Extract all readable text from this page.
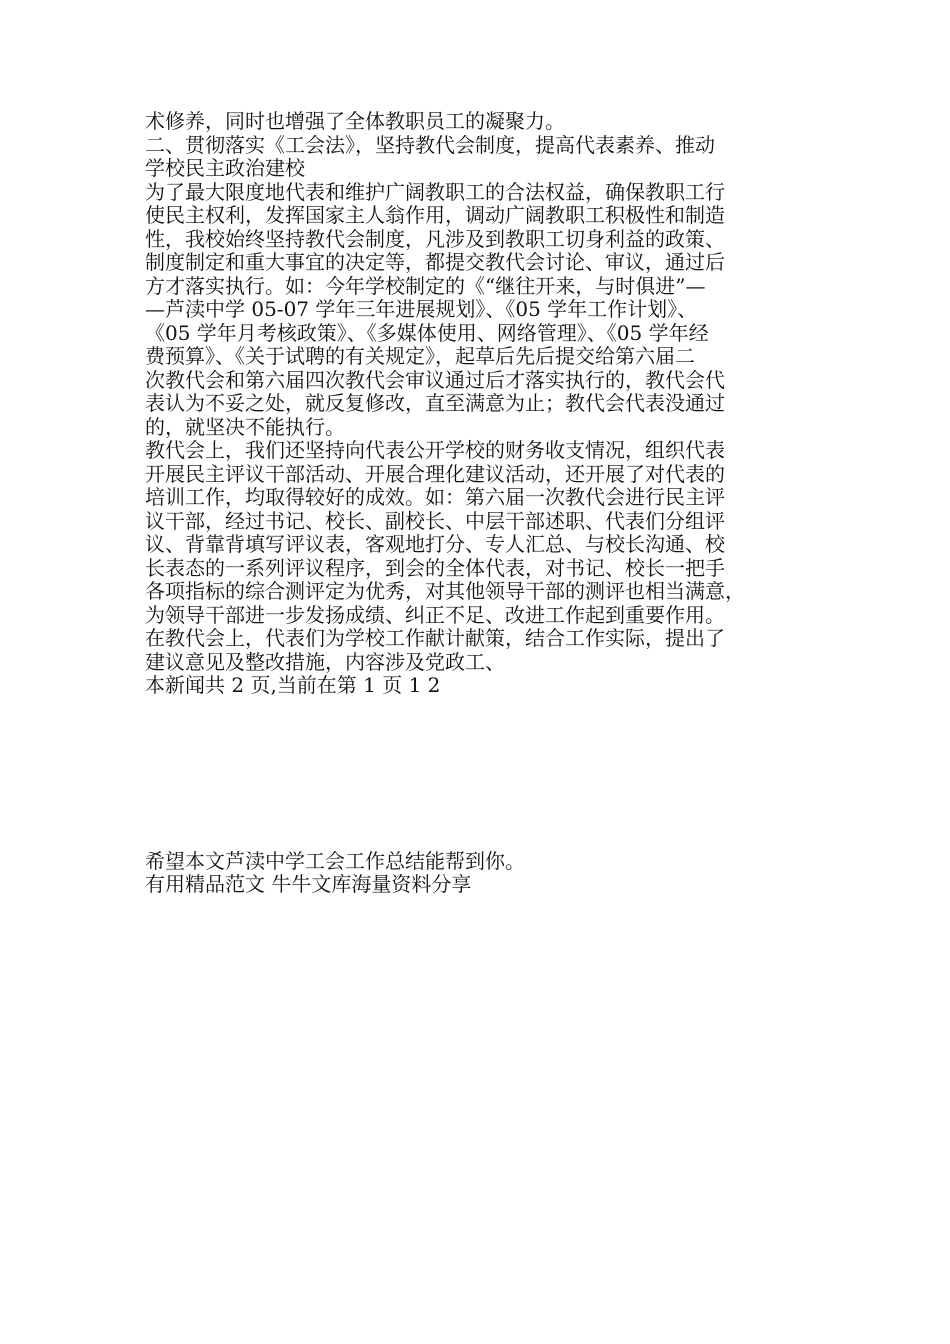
术修养，同时也增强了全体教职员工的凝聚力。
二、贯彻落实《工会法》，坚持教代会制度，提高代表素养、推动
学校民主政治建校
为了最大限度地代表和维护广阔教职工的合法权益，确保教职工行
使民主权利，发挥国家主人翁作用，调动广阔教职工积极性和制造
性，我校始终坚持教代会制度，凡涉及到教职工切身利益的政策、
制度制定和重大事宜的决定等，都提交教代会讨论、审议，通过后
方才落实执行。如：今年学校制定的《“继往开来，与时俱进”—
—芦渎中学 05-07 学年三年进展规划》、《05 学年工作计划》、
《05 学年月考核政策》、《多媒体使用、网络管理》、《05 学年经
费预算》、《关于试聘的有关规定》，起草后先后提交给第六届二
次教代会和第六届四次教代会审议通过后才落实执行的，教代会代
表认为不妥之处，就反复修改，直至满意为止；教代会代表没通过
的，就坚决不能执行。
教代会上，我们还坚持向代表公开学校的财务收支情况，组织代表
开展民主评议干部活动、开展合理化建议活动，还开展了对代表的
培训工作，均取得较好的成效。如：第六届一次教代会进行民主评
议干部，经过书记、校长、副校长、中层干部述职、代表们分组评
议、背靠背填写评议表，客观地打分、专人汇总、与校长沟通、校
长表态的一系列评议程序，到会的全体代表，对书记、校长一把手
各项指标的综合测评定为优秀，对其他领导干部的测评也相当满意，
为领导干部进一步发扬成绩、纠正不足、改进工作起到重要作用。
在教代会上，代表们为学校工作献计献策，结合工作实际，提出了
建议意见及整改措施，内容涉及党政工、
本新闻共 2 页,当前在第 1 页 1 2
希望本文芦渎中学工会工作总结能帮到你。
有用精品范文 牛牛文库海量资料分享
